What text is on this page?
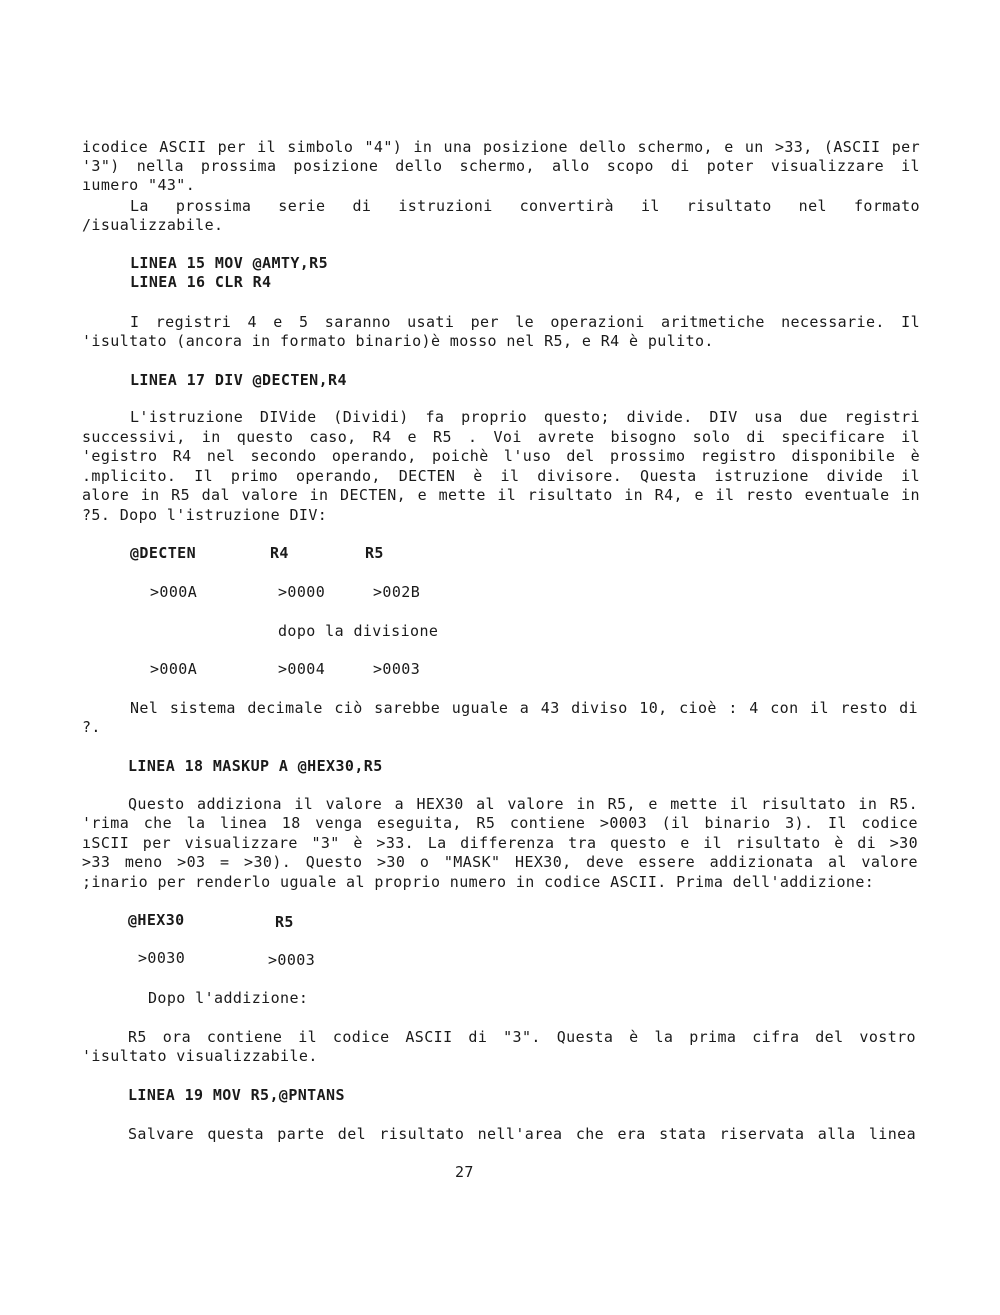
icodice ASCII per il simbolo "4") in una posizione dello schermo, e un >33, (ASCII per
'3") nella prossima posizione dello schermo, allo scopo di poter visualizzare il
ıumero "43".
La prossima serie di istruzioni convertirà il risultato nel formato
/isualizzabile.
LINEA 15 MOV @AMTY,R5
LINEA 16 CLR R4
I registri 4 e 5 saranno usati per le operazioni aritmetiche necessarie. Il
'isultato (ancora in formato binario)è mosso nel R5, e R4 è pulito.
LINEA 17 DIV @DECTEN,R4
L'istruzione DIVide (Dividi) fa proprio questo; divide. DIV usa due registri
successivi, in questo caso, R4 e R5 . Voi avrete bisogno solo di specificare il
'egistro R4 nel secondo operando, poichè l'uso del prossimo registro disponibile è
.mplicito. Il primo operando, DECTEN è il divisore. Questa istruzione divide il
alore in R5 dal valore in DECTEN, e mette il risultato in R4, e il resto eventuale in
?5. Dopo l'istruzione DIV:
@DECTEN	R4	R5
>000A	>0000	>002B
dopo la divisione
>000A	>0004	>0003
Nel sistema decimale ciò sarebbe uguale a 43 diviso 10, cioè : 4 con il resto di
?.
LINEA 18 MASKUP A @HEX30,R5
Questo addiziona il valore a HEX30 al valore in R5, e mette il risultato in R5.
'rima che la linea 18 venga eseguita, R5 contiene >0003 (il binario 3). Il codice
ıSCII per visualizzare "3" è >33. La differenza tra questo e il risultato è di >30
>33 meno >03 = >30). Questo >30 o "MASK" HEX30, deve essere addizionata al valore
;inario per renderlo uguale al proprio numero in codice ASCII. Prima dell'addizione:
@HEX30	R5
>0030	>0003
Dopo l'addizione:
R5 ora contiene il codice ASCII di "3". Questa è la prima cifra del vostro
'isultato visualizzabile.
LINEA 19 MOV R5,@PNTANS
Salvare questa parte del risultato nell'area che era stata riservata alla linea
27
